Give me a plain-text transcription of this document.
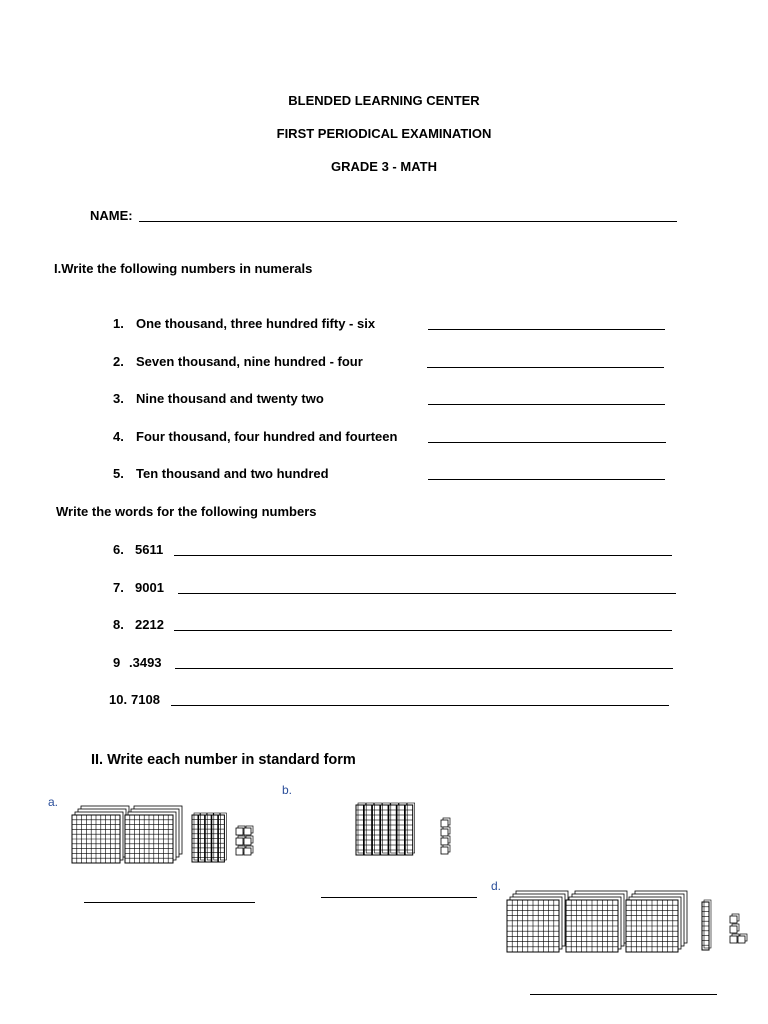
BLENDED LEARNING CENTER
FIRST PERIODICAL EXAMINATION
GRADE 3 - MATH
NAME:
I.Write the following numbers in numerals
1. One thousand, three hundred fifty - six
2. Seven thousand, nine hundred - four
3. Nine thousand and twenty two
4. Four thousand, four hundred and fourteen
5. Ten thousand and two hundred
Write the words for the following numbers
6. 5611
7. 9001
8. 2212
9 .3493
10. 7108
II. Write each number in standard form
a.
b.
d.
